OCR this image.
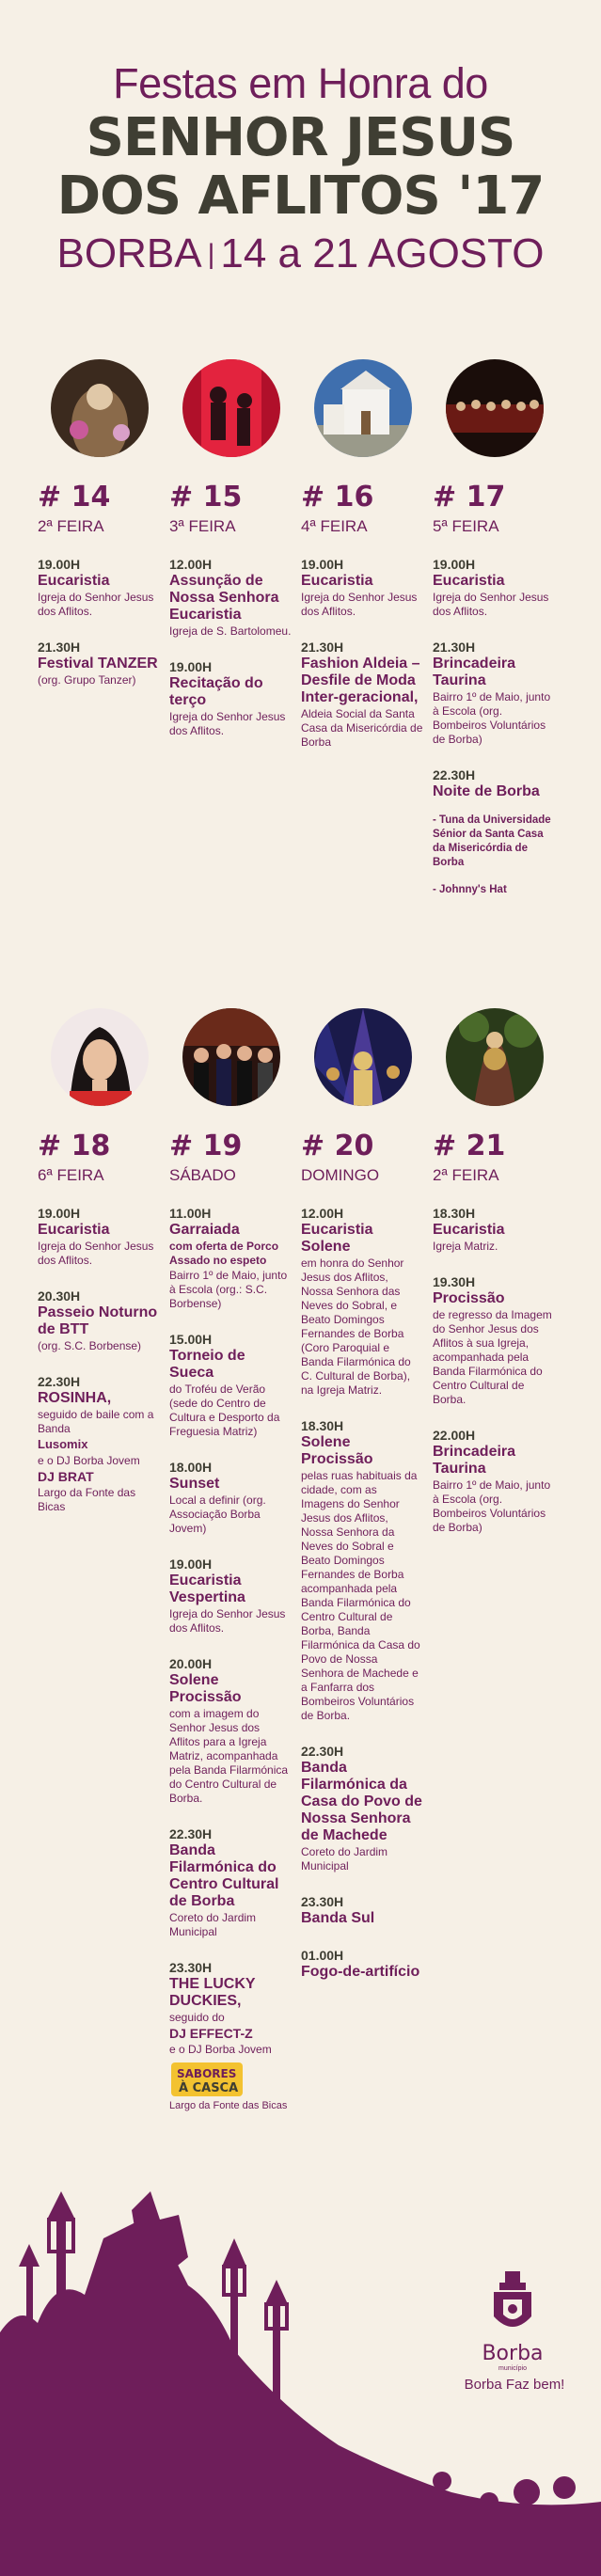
Festas em Honra do
SENHOR JESUS
DOS AFLITOS '17
BORBA | 14 a 21 AGOSTO
# 14
2ª FEIRA
19.00H
Eucaristia
Igreja do Senhor Jesus dos Aflitos.
21.30H
Festival TANZER
(org. Grupo Tanzer)
# 15
3ª FEIRA
12.00H
Assunção de Nossa Senhora Eucaristia
Igreja de S. Bartolomeu.
19.00H
Recitação do terço
Igreja do Senhor Jesus dos Aflitos.
# 16
4ª FEIRA
19.00H
Eucaristia
Igreja do Senhor Jesus dos Aflitos.
21.30H
Fashion Aldeia – Desfile de Moda Inter-geracional,
Aldeia Social da Santa Casa da Misericórdia de Borba
# 17
5ª FEIRA
19.00H
Eucaristia
Igreja do Senhor Jesus dos Aflitos.
21.30H
Brincadeira Taurina
Bairro 1º de Maio, junto à Escola (org. Bombeiros Voluntários de Borba)
22.30H
Noite de Borba
- Tuna da Universidade Sénior da Santa Casa da Misericórdia de Borba
- Johnny's Hat
# 18
6ª FEIRA
19.00H
Eucaristia
Igreja do Senhor Jesus dos Aflitos.
20.30H
Passeio Noturno de BTT
(org. S.C. Borbense)
22.30H
ROSINHA,
seguido de baile com a Banda
Lusomix
e o DJ Borba Jovem
DJ BRAT
Largo da Fonte das Bicas
# 19
SÁBADO
11.00H
Garraiada
com oferta de Porco Assado no espeto
Bairro 1º de Maio, junto à Escola (org.: S.C. Borbense)
15.00H
Torneio de Sueca
do Troféu de Verão (sede do Centro de Cultura e Desporto da Freguesia Matriz)
18.00H
Sunset
Local a definir (org. Associação Borba Jovem)
19.00H
Eucaristia Vespertina
Igreja do Senhor Jesus dos Aflitos.
20.00H
Solene Procissão
com a imagem do Senhor Jesus dos Aflitos para a Igreja Matriz, acompanhada pela Banda Filarmónica do Centro Cultural de Borba.
22.30H
Banda Filarmónica do Centro Cultural de Borba
Coreto do Jardim Municipal
23.30H
THE LUCKY DUCKIES,
seguido do
DJ EFFECT-Z
e o DJ Borba Jovem
SABORES
À CASCA
Largo da Fonte das Bicas
# 20
DOMINGO
12.00H
Eucaristia Solene
em honra do Senhor Jesus dos Aflitos, Nossa Senhora das Neves do Sobral, e Beato Domingos Fernandes de Borba (Coro Paroquial e Banda Filarmónica do C. Cultural de Borba), na Igreja Matriz.
18.30H
Solene Procissão
pelas ruas habituais da cidade, com as Imagens do Senhor Jesus dos Aflitos, Nossa Senhora da Neves do Sobral e Beato Domingos Fernandes de Borba acompanhada pela Banda Filarmónica do Centro Cultural de Borba, Banda Filarmónica da Casa do Povo de Nossa Senhora de Machede e a Fanfarra dos Bombeiros Voluntários de Borba.
22.30H
Banda Filarmónica da Casa do Povo de Nossa Senhora de Machede
Coreto do Jardim Municipal
23.30H
Banda Sul
01.00H
Fogo-de-artifício
# 21
2ª FEIRA
18.30H
Eucaristia
Igreja Matriz.
19.30H
Procissão
de regresso da Imagem do Senhor Jesus dos Aflitos à sua Igreja, acompanhada pela Banda Filarmónica do Centro Cultural de Borba.
22.00H
Brincadeira Taurina
Bairro 1º de Maio, junto à Escola (org. Bombeiros Voluntários de Borba)
Borba
município
Borba Faz bem!
